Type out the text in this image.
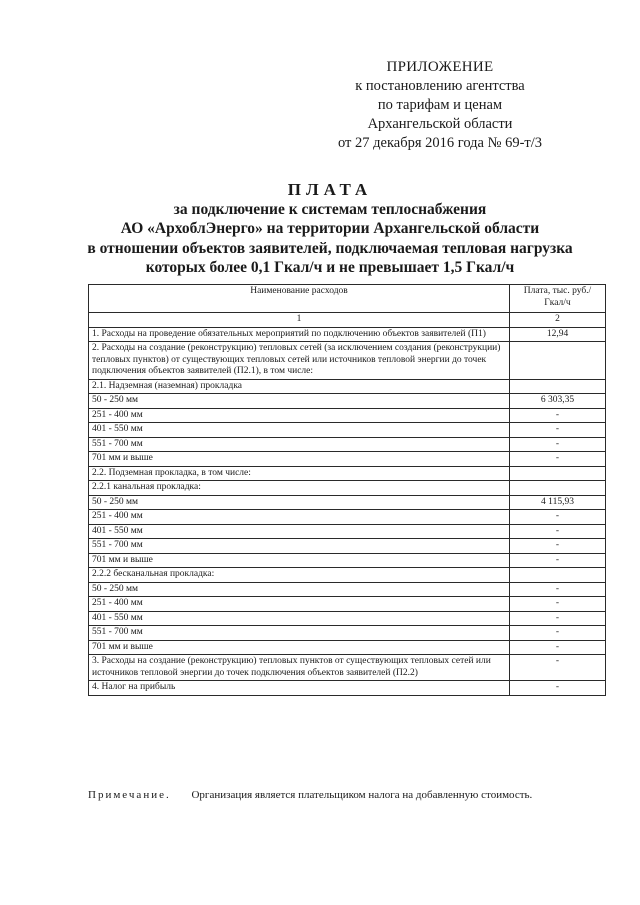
ПРИЛОЖЕНИЕ
к постановлению агентства
по тарифам и ценам
Архангельской области
от 27 декабря 2016 года № 69-т/3
ПЛАТА
за подключение к системам теплоснабжения
АО «АрхоблЭнерго» на территории Архангельской области
в отношении объектов заявителей, подключаемая тепловая нагрузка
которых более 0,1 Гкал/ч и не превышает 1,5 Гкал/ч
Наименование расходов	Плата, тыс. руб./Гкал/ч
1	2
1. Расходы на проведение обязательных мероприятий по подключению объектов заявителей (П1)	12,94
2. Расходы на создание (реконструкцию) тепловых сетей (за исключением создания (реконструкции) тепловых пунктов) от существующих тепловых сетей или источников тепловой энергии до точек подключения объектов заявителей (П2.1), в том числе:	
2.1. Надземная (наземная) прокладка	
50 - 250 мм	6 303,35
251 - 400 мм	-
401 - 550 мм	-
551 - 700 мм	-
701 мм и выше	-
2.2. Подземная прокладка, в том числе:	
2.2.1 канальная прокладка:	
50 - 250 мм	4 115,93
251 - 400 мм	-
401 - 550 мм	-
551 - 700 мм	-
701 мм и выше	-
2.2.2 бесканальная прокладка:	
50 - 250 мм	-
251 - 400 мм	-
401 - 550 мм	-
551 - 700 мм	-
701 мм и выше	-
3. Расходы на создание (реконструкцию) тепловых пунктов от существующих тепловых сетей или источников тепловой энергии до точек подключения объектов заявителей (П2.2)	-
4. Налог на прибыль	-
Примечание. Организация является плательщиком налога на добавленную стоимость.
